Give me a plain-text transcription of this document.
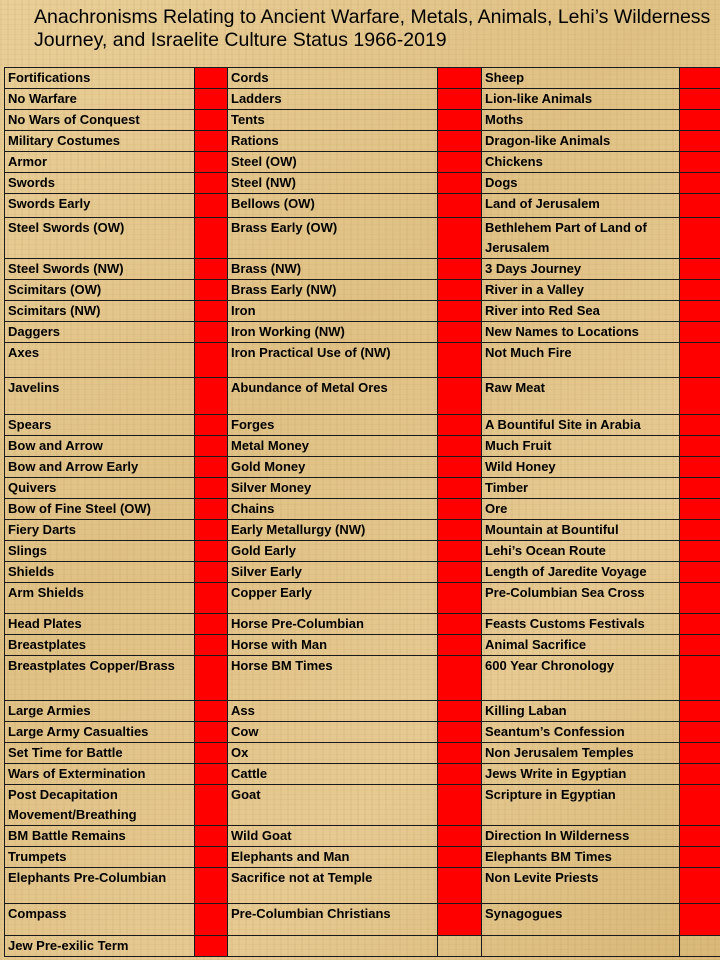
Anachronisms Relating to Ancient Warfare, Metals, Animals, Lehi’s Wilderness Journey, and Israelite Culture Status 1966-2019
Fortifications		Cords		Sheep	
No Warfare		Ladders		Lion-like Animals	
No Wars of Conquest		Tents		Moths	
Military Costumes		Rations		Dragon-like Animals	
Armor		Steel (OW)		Chickens	
Swords		Steel (NW)		Dogs	
Swords Early		Bellows (OW)		Land of Jerusalem	
Steel Swords (OW)		Brass Early (OW)		Bethlehem Part of Land of Jerusalem	
Steel Swords (NW)		Brass (NW)		3 Days Journey	
Scimitars (OW)		Brass Early (NW)		River in a Valley	
Scimitars (NW)		Iron		River into Red Sea	
Daggers		Iron Working (NW)		New Names to Locations	
Axes		Iron Practical Use of (NW)		Not Much Fire	
Javelins		Abundance of Metal Ores		Raw Meat	
Spears		Forges		A Bountiful Site in Arabia	
Bow and Arrow		Metal Money		Much Fruit	
Bow and Arrow Early		Gold Money		Wild Honey	
Quivers		Silver Money		Timber	
Bow of Fine Steel (OW)		Chains		Ore	
Fiery Darts		Early Metallurgy (NW)		Mountain at Bountiful	
Slings		Gold Early		Lehi’s Ocean Route	
Shields		Silver Early		Length of Jaredite Voyage	
Arm Shields		Copper Early		Pre-Columbian Sea Cross	
Head Plates		Horse Pre-Columbian		Feasts Customs Festivals	
Breastplates		Horse with Man		Animal Sacrifice	
Breastplates Copper/Brass		Horse BM Times		600 Year Chronology	
Large Armies		Ass		Killing Laban	
Large Army Casualties		Cow		Seantum’s Confession	
Set Time for Battle		Ox		Non Jerusalem Temples	
Wars of Extermination		Cattle		Jews Write in Egyptian	
Post Decapitation Movement/Breathing		Goat		Scripture in Egyptian	
BM Battle Remains		Wild Goat		Direction In Wilderness	
Trumpets		Elephants and Man		Elephants BM Times	
Elephants Pre-Columbian		Sacrifice not at Temple		Non Levite Priests	
Compass		Pre-Columbian Christians		Synagogues	
Jew Pre-exilic Term					
